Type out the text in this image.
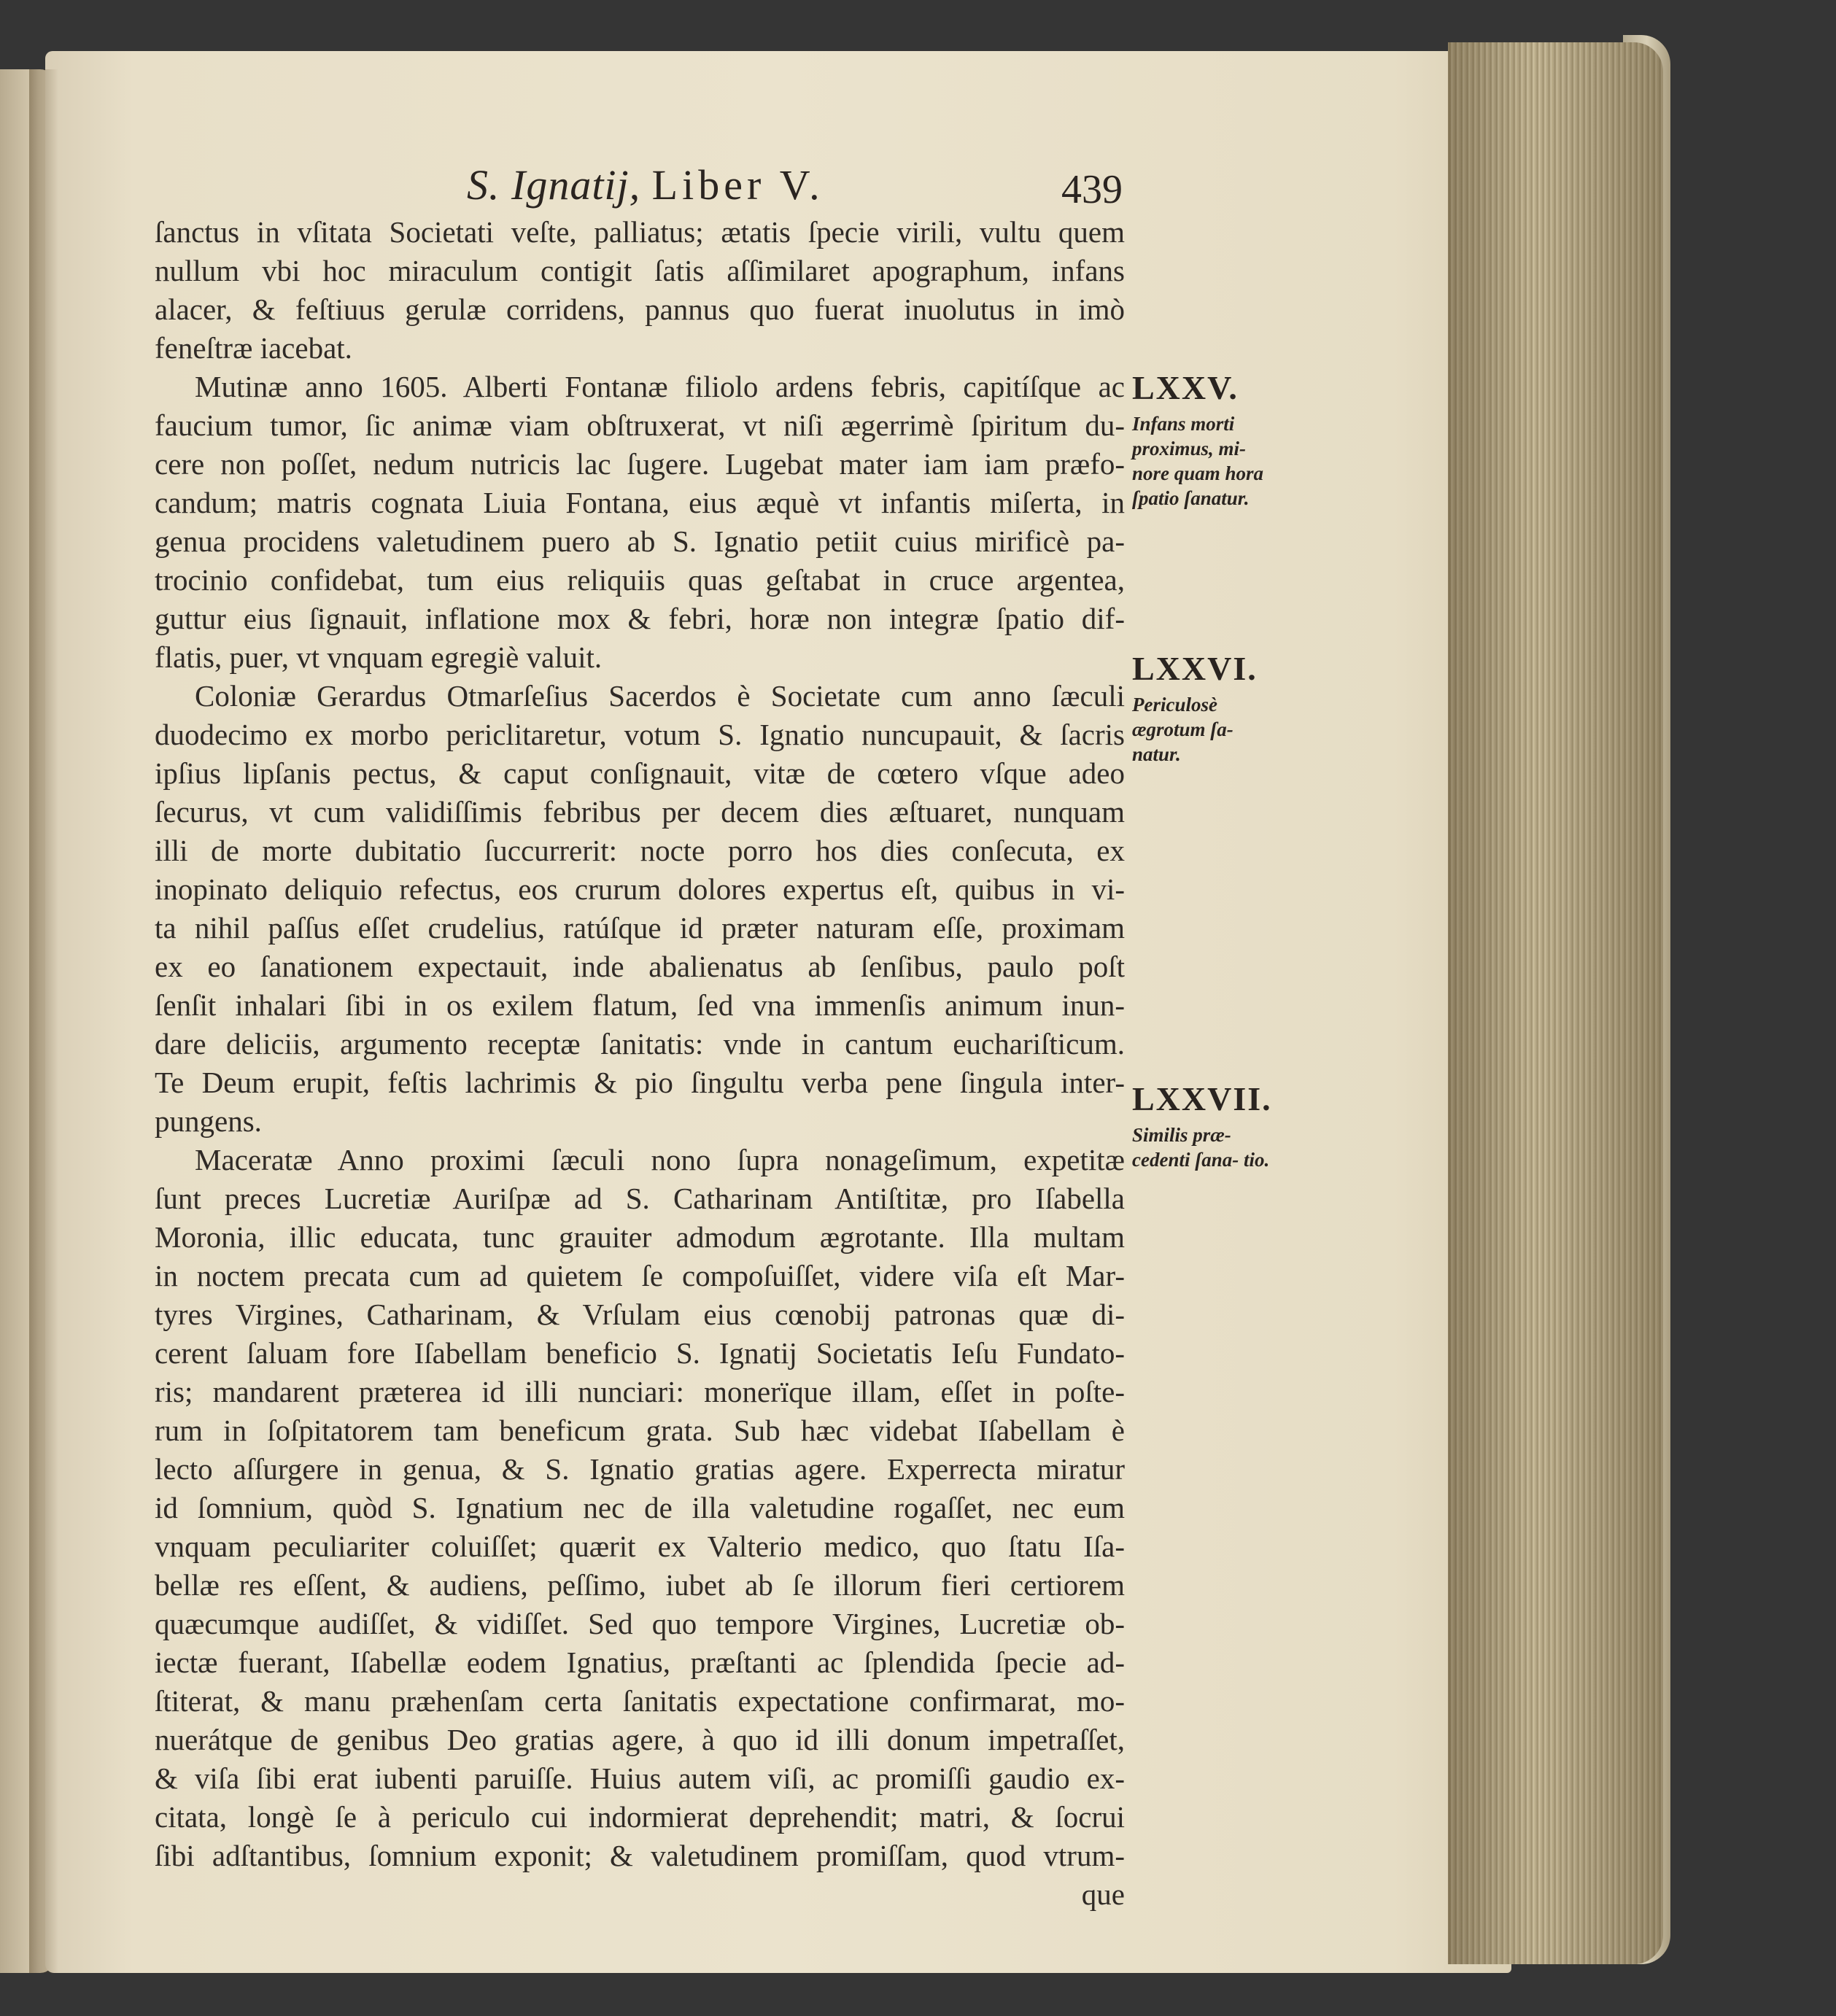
S. Ignatij, Liber V.	439
ſanctus in vſitata Societati veſte, palliatus; ætatis ſpecie virili, vultu quem
nullum vbi hoc miraculum contigit ſatis aſſimilaret apographum, infans
alacer, & feſtiuus gerulæ corridens, pannus quo fuerat inuolutus in imò
feneſtræ iacebat.
Mutinæ anno 1605. Alberti Fontanæ filiolo ardens febris, capitíſque ac
faucium tumor, ſic animæ viam obſtruxerat, vt niſi ægerrimè ſpiritum du-
cere non poſſet, nedum nutricis lac ſugere. Lugebat mater iam iam præfo-
candum; matris cognata Liuia Fontana, eius æquè vt infantis miſerta, in
genua procidens valetudinem puero ab S. Ignatio petiit cuius mirificè pa-
trocinio confidebat, tum eius reliquiis quas geſtabat in cruce argentea,
guttur eius ſignauit, inflatione mox & febri, horæ non integræ ſpatio dif-
flatis, puer, vt vnquam egregiè valuit.
Coloniæ Gerardus Otmarſeſius Sacerdos è Societate cum anno ſæculi
duodecimo ex morbo periclitaretur, votum S. Ignatio nuncupauit, & ſacris
ipſius lipſanis pectus, & caput conſignauit, vitæ de cœtero vſque adeo
ſecurus, vt cum validiſſimis febribus per decem dies æſtuaret, nunquam
illi de morte dubitatio ſuccurrerit: nocte porro hos dies conſecuta, ex
inopinato deliquio refectus, eos crurum dolores expertus eſt, quibus in vi-
ta nihil paſſus eſſet crudelius, ratúſque id præter naturam eſſe, proximam
ex eo ſanationem expectauit, inde abalienatus ab ſenſibus, paulo poſt
ſenſit inhalari ſibi in os exilem flatum, ſed vna immenſis animum inun-
dare deliciis, argumento receptæ ſanitatis: vnde in cantum euchariſticum.
Te Deum erupit, feſtis lachrimis & pio ſingultu verba pene ſingula inter-
pungens.
Maceratæ Anno proximi ſæculi nono ſupra nonageſimum, expetitæ
ſunt preces Lucretiæ Auriſpæ ad S. Catharinam Antiſtitæ, pro Iſabella
Moronia, illic educata, tunc grauiter admodum ægrotante. Illa multam
in noctem precata cum ad quietem ſe compoſuiſſet, videre viſa eſt Mar-
tyres Virgines, Catharinam, & Vrſulam eius cœnobij patronas quæ di-
cerent ſaluam fore Iſabellam beneficio S. Ignatij Societatis Ieſu Fundato-
ris; mandarent præterea id illi nunciari: monerïque illam, eſſet in poſte-
rum in ſoſpitatorem tam beneficum grata. Sub hæc videbat Iſabellam è
lecto aſſurgere in genua, & S. Ignatio gratias agere. Experrecta miratur
id ſomnium, quòd S. Ignatium nec de illa valetudine rogaſſet, nec eum
vnquam peculiariter coluiſſet; quærit ex Valterio medico, quo ſtatu Iſa-
bellæ res eſſent, & audiens, peſſimo, iubet ab ſe illorum fieri certiorem
quæcumque audiſſet, & vidiſſet. Sed quo tempore Virgines, Lucretiæ ob-
iectæ fuerant, Iſabellæ eodem Ignatius, præſtanti ac ſplendida ſpecie ad-
ſtiterat, & manu præhenſam certa ſanitatis expectatione confirmarat, mo-
nuerátque de genibus Deo gratias agere, à quo id illi donum impetraſſet,
& viſa ſibi erat iubenti paruiſſe. Huius autem viſi, ac promiſſi gaudio ex-
citata, longè ſe à periculo cui indormierat deprehendit; matri, & ſocrui
ſibi adſtantibus, ſomnium exponit; & valetudinem promiſſam, quod vtrum-
que
LXXV.
Infans morti proximus, mi- nore quam hora ſpatio ſanatur.
LXXVI.
Periculosè ægrotum ſa- natur.
LXXVII.
Similis præ- cedenti ſana- tio.
